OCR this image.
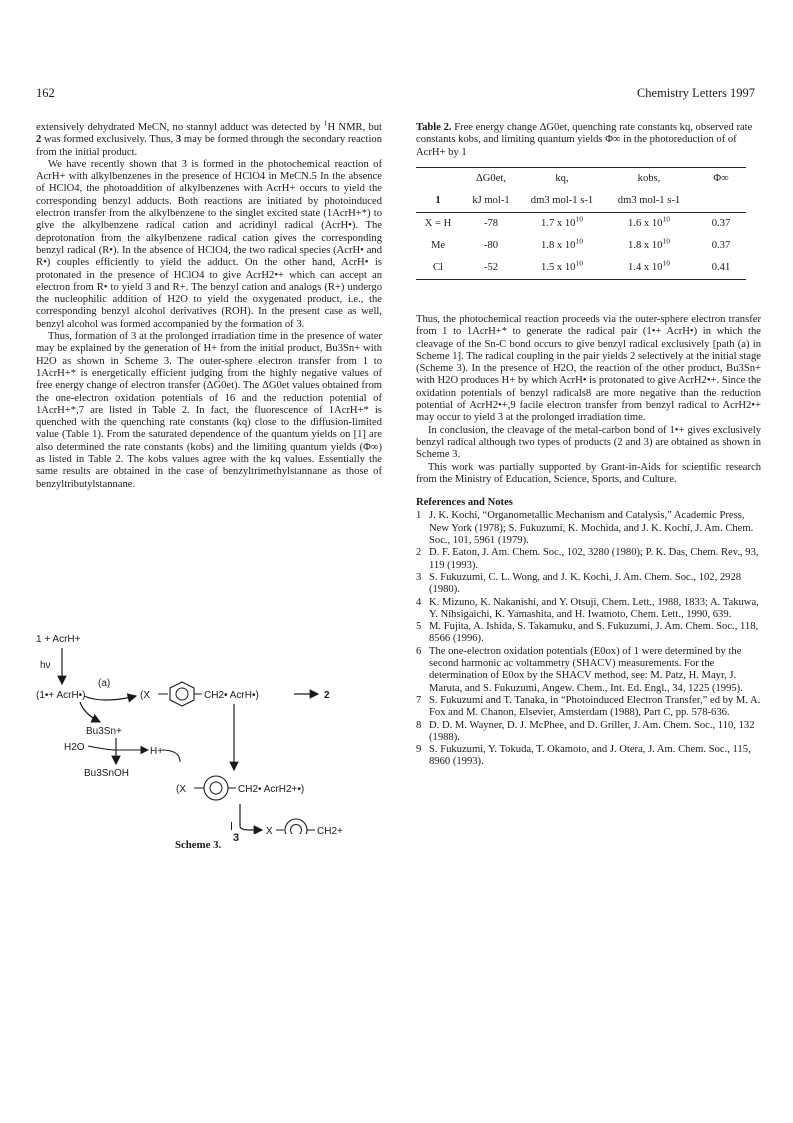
162	Chemistry Letters 1997

extensively dehydrated MeCN, no stannyl adduct was detected by $^1$H NMR, but 2 was formed exclusively. Thus, 3 may be formed through the secondary reaction from the initial product.

We have recently shown that 3 is formed in the photochemical reaction of AcrH+ with alkylbenzenes in the presence of HClO4 in MeCN.5 In the absence of HClO4, the photoaddition of alkylbenzenes with AcrH+ occurs to yield the corresponding benzyl adducts. Both reactions are initiated by photoinduced electron transfer from the alkylbenzene to the singlet excited state (1AcrH+*) to give the alkylbenzene radical cation and acridinyl radical (AcrH•). The deprotonation from the alkylbenzene radical cation gives the corresponding benzyl radical (R•). In the absence of HClO4, the two radical species (AcrH• and R•) couples efficiently to yield the adduct. On the other hand, AcrH• is protonated in the presence of HClO4 to give AcrH2•+ which can accept an electron from R• to yield 3 and R+. The benzyl cation and analogs (R+) undergo the nucleophilic addition of H2O to yield the oxygenated product, i.e., the corresponding benzyl alcohol derivatives (ROH). In the present case as well, benzyl alcohol was formed accompanied by the formation of 3.

Thus, formation of 3 at the prolonged irradiation time in the presence of water may be explained by the generation of H+ from the initial product, Bu3Sn+ with H2O as shown in Scheme 3. The outer-sphere electron transfer from 1 to 1AcrH+* is energetically efficient judging from the highly negative values of free energy change of electron transfer (ΔG0et). The ΔG0et values obtained from the one-electron oxidation potentials of 16 and the reduction potential of 1AcrH+*,7 are listed in Table 2. In fact, the fluorescence of 1AcrH+* is quenched with the quenching rate constants (kq) close to the diffusion-limited value (Table 1). From the saturated dependence of the quantum yields on [1] are also determined the rate constants (kobs) and the limiting quantum yields (Φ∞) as listed in Table 2. The kobs values agree with the kq values. Essentially the same results are obtained in the case of benzyltrimethylstannane as those of benzyltributylstannane.

Table 2. Free energy change ΔG0et, quenching rate constants kq, observed rate constants kobs, and limiting quantum yields Φ∞ in the photoreduction of of AcrH+ by 1
	ΔG0et,	kq,	kobs,	Φ∞
1	kJ mol-1	dm3 mol-1 s-1	dm3 mol-1 s-1	
X = H	-78	1.7 x $10^{10}$	1.6 x $10^{10}$	0.37
Me	-80	1.8 x $10^{10}$	1.8 x $10^{10}$	0.37
Cl	-52	1.5 x $10^{10}$	1.4 x $10^{10}$	0.41

Thus, the photochemical reaction proceeds via the outer-sphere electron transfer from 1 to 1AcrH+* to generate the radical pair (1•+ AcrH•) in which the cleavage of the Sn-C bond occurs to give benzyl radical exclusively [path (a) in Scheme 1]. The radical coupling in the pair yields 2 selectively at the initial stage (Scheme 3). In the presence of H2O, the reaction of the other product, Bu3Sn+ with H2O produces H+ by which AcrH• is protonated to give AcrH2•+. Since the oxidation potentials of benzyl radicals8 are more negative than the reduction potential of AcrH2•+,9 facile electron transfer from benzyl radical to AcrH2•+ may occur to yield 3 at the prolonged irradiation time.

In conclusion, the cleavage of the metal-carbon bond of 1•+ gives exclusively benzyl radical although two types of products (2 and 3) are obtained as shown in Scheme 3.

This work was partially supported by Grant-in-Aids for scientific research from the Ministry of Education, Science, Sports, and Culture.

References and Notes
1 J. K. Kochi, “Organometallic Mechanism and Catalysis,” Academic Press, New York (1978); S. Fukuzumi, K. Mochida, and J. K. Kochi, J. Am. Chem. Soc., 101, 5961 (1979).
2 D. F. Eaton, J. Am. Chem. Soc., 102, 3280 (1980); P. K. Das, Chem. Rev., 93, 119 (1993).
3 S. Fukuzumi, C. L. Wong, and J. K. Kochi, J. Am. Chem. Soc., 102, 2928 (1980).
4 K. Mizuno, K. Nakanishi, and Y. Otsuji, Chem. Lett., 1988, 1833; A. Takuwa, Y. Nihsigaichi, K. Yamashita, and H. Iwamoto, Chem. Lett., 1990, 639.
5 M. Fujita, A. Ishida, S. Takamuku, and S. Fukuzumi, J. Am. Chem. Soc., 118, 8566 (1996).
6 The one-electron oxidation potentials (E0ox) of 1 were determined by the second harmonic ac voltammetry (SHACV) measurements. For the determination of E0ox by the SHACV method, see: M. Patz, H. Mayr, J. Maruta, and S. Fukuzumi, Angew. Chem., Int. Ed. Engl., 34, 1225 (1995).
7 S. Fukuzumi and T. Tanaka, in “Photoinduced Electron Transfer,” ed by M. A. Fox and M. Chanon, Elsevier, Amsterdam (1988), Part C, pp. 578-636.
8 D. D. M. Wayner, D. J. McPhee, and D. Griller, J. Am. Chem. Soc., 110, 132 (1988).
9 S. Fukuzumi, Y. Tokuda, T. Okamoto, and J. Otera, J. Am. Chem. Soc., 115, 8960 (1993).
1 + AcrH+
hν
(1•+ AcrH•)
(a)
(X	CH2• AcrH•)	2
Bu3Sn+
H2O	H+
Bu3SnOH
(X	CH2• AcrH2+•)
X	CH2+
3
Scheme 3.
